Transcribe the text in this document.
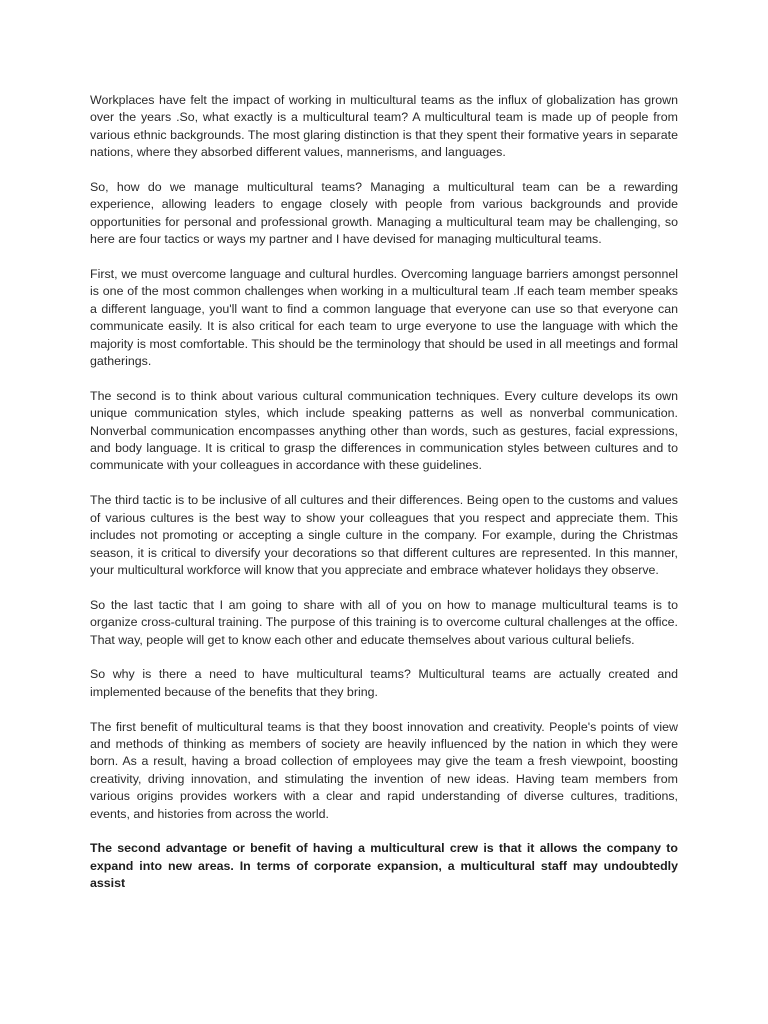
Workplaces have felt the impact of working in multicultural teams as the influx of globalization has grown over the years .So, what exactly is a multicultural team? A multicultural team is made up of people from various ethnic backgrounds. The most glaring distinction is that they spent their formative years in separate nations, where they absorbed different values, mannerisms, and languages.

So, how do we manage multicultural teams? Managing a multicultural team can be a rewarding experience, allowing leaders to engage closely with people from various backgrounds and provide opportunities for personal and professional growth. Managing a multicultural team may be challenging, so here are four tactics or ways my partner and I have devised for managing multicultural teams.

First, we must overcome language and cultural hurdles. Overcoming language barriers amongst personnel is one of the most common challenges when working in a multicultural team .If each team member speaks a different language, you'll want to find a common language that everyone can use so that everyone can communicate easily. It is also critical for each team to urge everyone to use the language with which the majority is most comfortable. This should be the terminology that should be used in all meetings and formal gatherings.

The second is to think about various cultural communication techniques. Every culture develops its own unique communication styles, which include speaking patterns as well as nonverbal communication. Nonverbal communication encompasses anything other than words, such as gestures, facial expressions, and body language. It is critical to grasp the differences in communication styles between cultures and to communicate with your colleagues in accordance with these guidelines.

The third tactic is to be inclusive of all cultures and their differences. Being open to the customs and values of various cultures is the best way to show your colleagues that you respect and appreciate them. This includes not promoting or accepting a single culture in the company. For example, during the Christmas season, it is critical to diversify your decorations so that different cultures are represented. In this manner, your multicultural workforce will know that you appreciate and embrace whatever holidays they observe.

So the last tactic that I am going to share with all of you on how to manage multicultural teams is to organize cross-cultural training. The purpose of this training is to overcome cultural challenges at the office. That way, people will get to know each other and educate themselves about various cultural beliefs.

So why is there a need to have multicultural teams? Multicultural teams are actually created and implemented because of the benefits that they bring.

The first benefit of multicultural teams is that they boost innovation and creativity. People's points of view and methods of thinking as members of society are heavily influenced by the nation in which they were born. As a result, having a broad collection of employees may give the team a fresh viewpoint, boosting creativity, driving innovation, and stimulating the invention of new ideas. Having team members from various origins provides workers with a clear and rapid understanding of diverse cultures, traditions, events, and histories from across the world.

The second advantage or benefit of having a multicultural crew is that it allows the company to expand into new areas. In terms of corporate expansion, a multicultural staff may undoubtedly assist
